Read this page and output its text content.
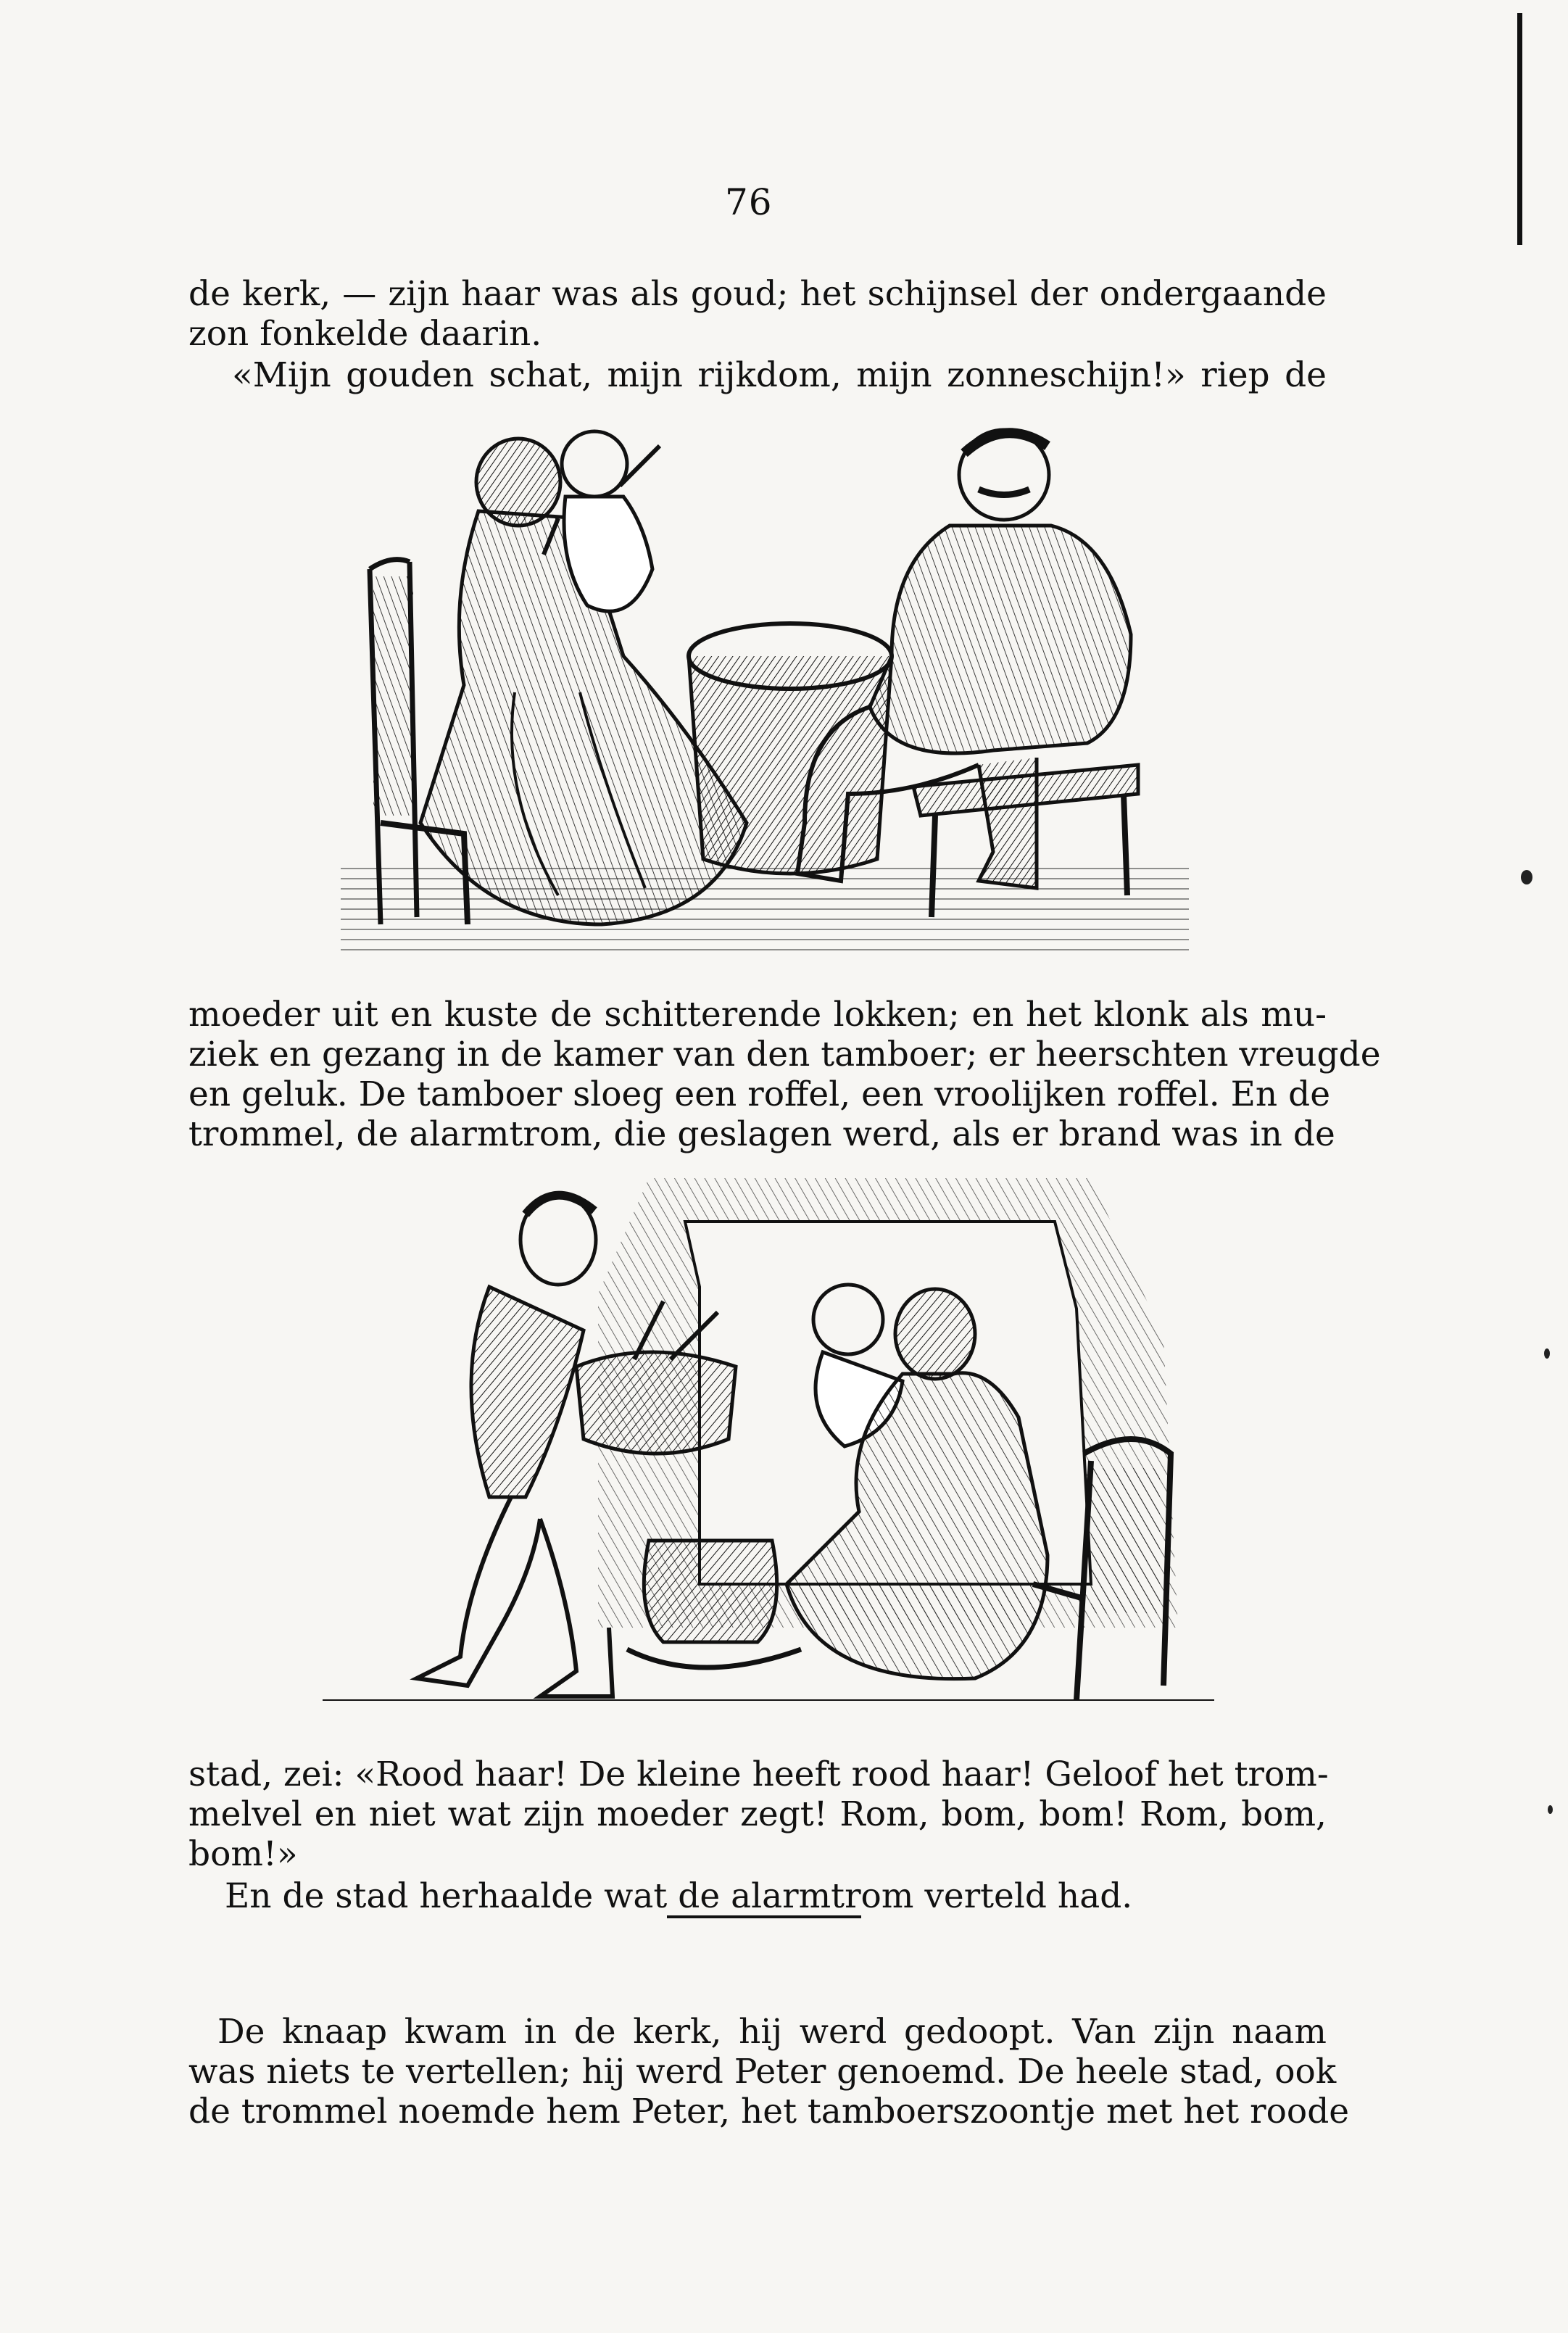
76
de kerk, — zijn haar was als goud; het schijnsel der ondergaande
zon fonkelde daarin.
«Mijn gouden schat, mijn rijkdom, mijn zonneschijn!» riep de
moeder uit en kuste de schitterende lokken; en het klonk als mu-
ziek en gezang in de kamer van den tamboer; er heerschten vreugde
en geluk. De tamboer sloeg een roffel, een vroolijken roffel. En de
trommel, de alarmtrom, die geslagen werd, als er brand was in de
stad, zei: «Rood haar! De kleine heeft rood haar! Geloof het trom-
melvel en niet wat zijn moeder zegt! Rom, bom, bom! Rom, bom,
bom!»
En de stad herhaalde wat de alarmtrom verteld had.
De knaap kwam in de kerk, hij werd gedoopt. Van zijn naam
was niets te vertellen; hij werd Peter genoemd. De heele stad, ook
de trommel noemde hem Peter, het tamboerszoontje met het roode
